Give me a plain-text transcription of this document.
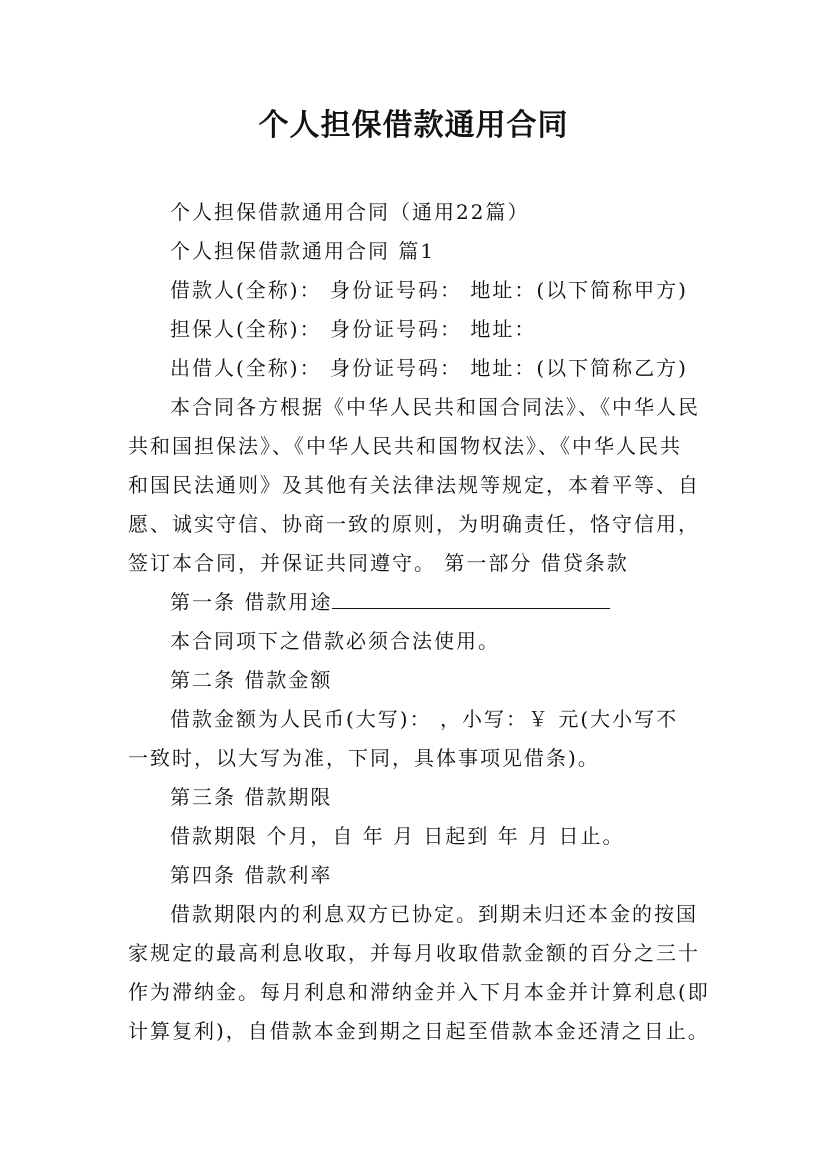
个人担保借款通用合同
个人担保借款通用合同（通用22篇）
个人担保借款通用合同 篇1
借款人(全称)： 身份证号码： 地址：(以下简称甲方)
担保人(全称)： 身份证号码： 地址：
出借人(全称)： 身份证号码： 地址：(以下简称乙方)
本合同各方根据《中华人民共和国合同法》、《中华人民
共和国担保法》、《中华人民共和国物权法》、《中华人民共
和国民法通则》及其他有关法律法规等规定，本着平等、自
愿、诚实守信、协商一致的原则，为明确责任，恪守信用，
签订本合同，并保证共同遵守。 第一部分 借贷条款
第一条 借款用途
本合同项下之借款必须合法使用。
第二条 借款金额
借款金额为人民币(大写)： ，小写：￥ 元(大小写不
一致时，以大写为准，下同，具体事项见借条)。
第三条 借款期限
借款期限 个月，自 年 月 日起到 年 月 日止。
第四条 借款利率
借款期限内的利息双方已协定。到期未归还本金的按国
家规定的最高利息收取，并每月收取借款金额的百分之三十
作为滞纳金。每月利息和滞纳金并入下月本金并计算利息(即
计算复利)，自借款本金到期之日起至借款本金还清之日止。
